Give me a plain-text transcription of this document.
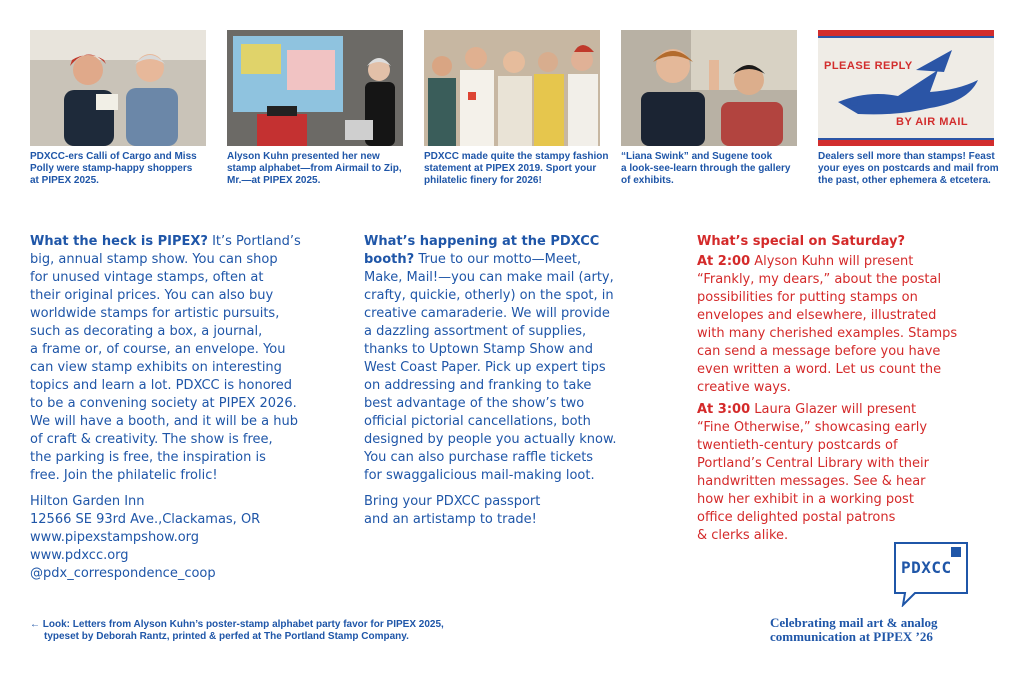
PLEASE REPLY
BY AIR MAIL
PDXCC-ers Calli of Cargo and Miss
Polly were stamp-happy shoppers
at PIPEX 2025.
Alyson Kuhn presented her new
stamp alphabet—from Airmail to Zip,
Mr.—at PIPEX 2025.
PDXCC made quite the stampy fashion
statement at PIPEX 2019. Sport your
philatelic finery for 2026!
“Liana Swink” and Sugene took
a look-see-learn through the gallery
of exhibits.
Dealers sell more than stamps! Feast
your eyes on postcards and mail from
the past, other ephemera & etcetera.

What the heck is PIPEX? It’s Portland’s
big, annual stamp show. You can shop
for unused vintage stamps, often at
their original prices. You can also buy
worldwide stamps for artistic pursuits,
such as decorating a box, a journal,
a frame or, of course, an envelope. You
can view stamp exhibits on interesting
topics and learn a lot. PDXCC is honored
to be a convening society at PIPEX 2026.
We will have a booth, and it will be a hub
of craft & creativity. The show is free,
the parking is free, the inspiration is
free. Join the philatelic frolic!

Hilton Garden Inn
12566 SE 93rd Ave.,Clackamas, OR
www.pipexstampshow.org
www.pdxcc.org
@pdx_correspondence_coop

What’s happening at the PDXCC
booth? True to our motto—Meet,
Make, Mail!—you can make mail (arty,
crafty, quickie, otherly) on the spot, in
creative camaraderie. We will provide
a dazzling assortment of supplies,
thanks to Uptown Stamp Show and
West Coast Paper. Pick up expert tips
on addressing and franking to take
best advantage of the show’s two
official pictorial cancellations, both
designed by people you actually know.
You can also purchase raffle tickets
for swaggalicious mail-making loot.

Bring your PDXCC passport
and an artistamp to trade!

What’s special on Saturday?

At 2:00 Alyson Kuhn will present
“Frankly, my dears,” about the postal
possibilities for putting stamps on
envelopes and elsewhere, illustrated
with many cherished examples. Stamps
can send a message before you have
even written a word. Let us count the
creative ways.

At 3:00 Laura Glazer will present
“Fine Otherwise,” showcasing early
twentieth-century postcards of
Portland’s Central Library with their
handwritten messages. See & hear
how her exhibit in a working post
office delighted postal patrons
& clerks alike.

← Look: Letters from Alyson Kuhn’s poster-stamp alphabet party favor for PIPEX 2025,
typeset by Deborah Rantz, printed & perfed at The Portland Stamp Company.
PDXCC
Celebrating mail art & analog
communication at PIPEX ’26
